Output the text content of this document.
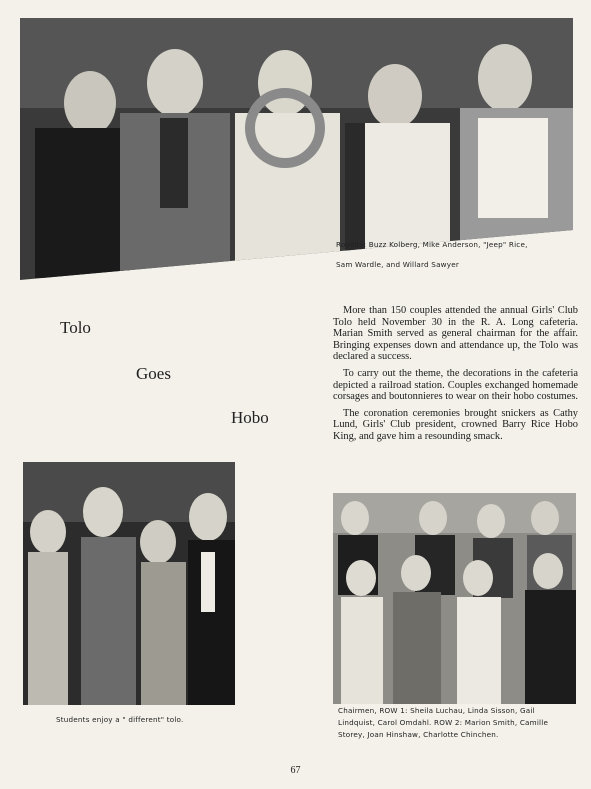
Royalty: Buzz Kolberg, Mike Anderson, "Jeep" Rice,
Sam Wardle, and Willard Sawyer
Tolo
Goes
Hobo

More than 150 couples attended the annual Girls' Club Tolo held November 30 in the R. A. Long cafeteria. Marian Smith served as general chairman for the affair. Bringing expenses down and attendance up, the Tolo was declared a success.

To carry out the theme, the decorations in the cafeteria depicted a railroad station. Couples exchanged homemade corsages and boutonnieres to wear on their hobo costumes.

The coronation ceremonies brought snickers as Cathy Lund, Girls' Club president, crowned Barry Rice Hobo King, and gave him a resounding smack.

Students enjoy a " different" tolo.
Chairmen, ROW 1: Sheila Luchau, Linda Sisson, Gail
Lindquist, Carol Omdahl. ROW 2: Marion Smith, Camille
Storey, Joan Hinshaw, Charlotte Chinchen.
67
